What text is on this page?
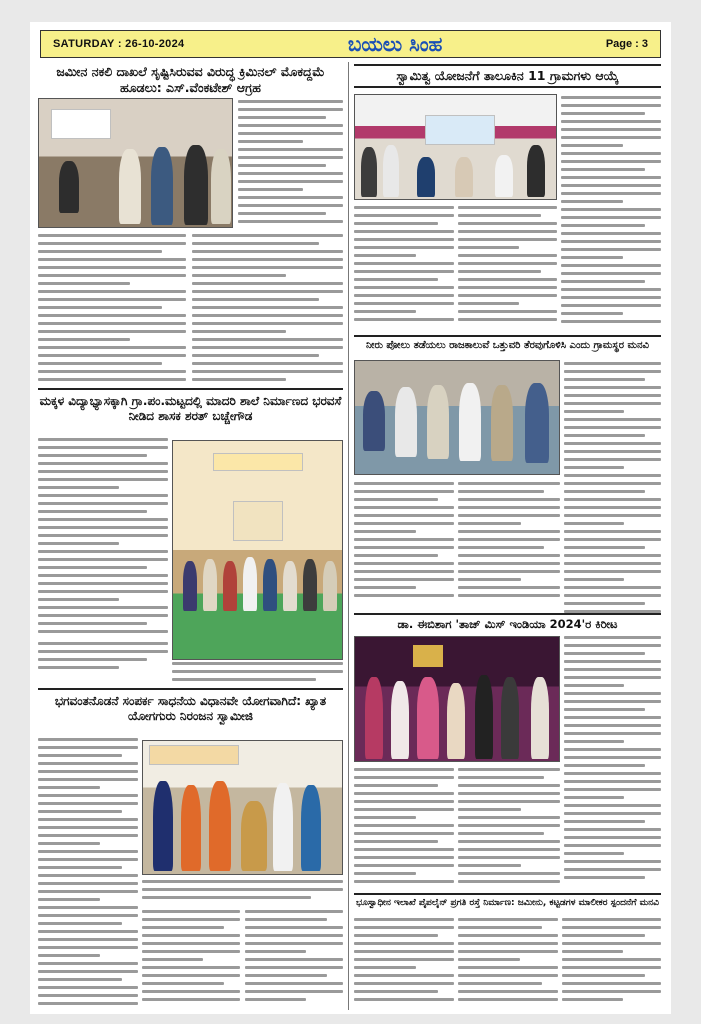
SATURDAY : 26-10-2024	ಬಯಲು ಸಿಂಹ	Page : 3
ಜಮೀನ ನಕಲಿ ದಾಖಲೆ ಸೃಷ್ಟಿಸಿರುವವ ವಿರುದ್ಧ ಕ್ರಿಮಿನಲ್ ಮೊಕದ್ದಮೆ ಹೂಡಲು: ಎಸ್.ವೆಂಕಟೇಶ್ ಆಗ್ರಹ
ಮಕ್ಕಳ ವಿದ್ಯಾಭ್ಯಾಸಕ್ಕಾಗಿ ಗ್ರಾ.ಪಂ.ಮಟ್ಟದಲ್ಲಿ ಮಾದರಿ ಶಾಲೆ ನಿರ್ಮಾಣದ ಭರವಸೆ ನೀಡಿದ ಶಾಸಕ ಶರತ್ ಬಚ್ಚೇಗೌಡ
ಭಗವಂತನೊಡನೆ ಸಂಪರ್ಕ ಸಾಧನೆಯ ವಿಧಾನವೇ ಯೋಗವಾಗಿದೆ: ಖ್ಯಾತ ಯೋಗಗುರು ನಿರಂಜನ ಸ್ವಾಮೀಜಿ
ಸ್ವಾಮಿತ್ವ ಯೋಜನೆಗೆ ತಾಲೂಕಿನ 11 ಗ್ರಾಮಗಳು ಆಯ್ಕೆ
ನೀರು ಪೋಲು ತಡೆಯಲು ರಾಜಕಾಲುವೆ ಒತ್ತುವರಿ ತೆರವುಗೊಳಿಸಿ ಎಂದು ಗ್ರಾಮಸ್ಥರ ಮನವಿ
ಡಾ. ಈಬಿಶಾಗ 'ತಾಜ್ ಮಿಸ್ ಇಂಡಿಯಾ 2024'ರ ಕಿರೀಟ
ಭೂಸ್ವಾಧೀನ ಇಲಾಖೆ ಪೈಪಲೈನ್ ಪ್ರಗತಿ ರಸ್ತೆ ನಿರ್ಮಾಣ: ಜಮೀನು, ಕಟ್ಟಡಗಳ ಮಾಲೀಕರ ಸ್ಪಂದನೆಗೆ ಮನವಿ
